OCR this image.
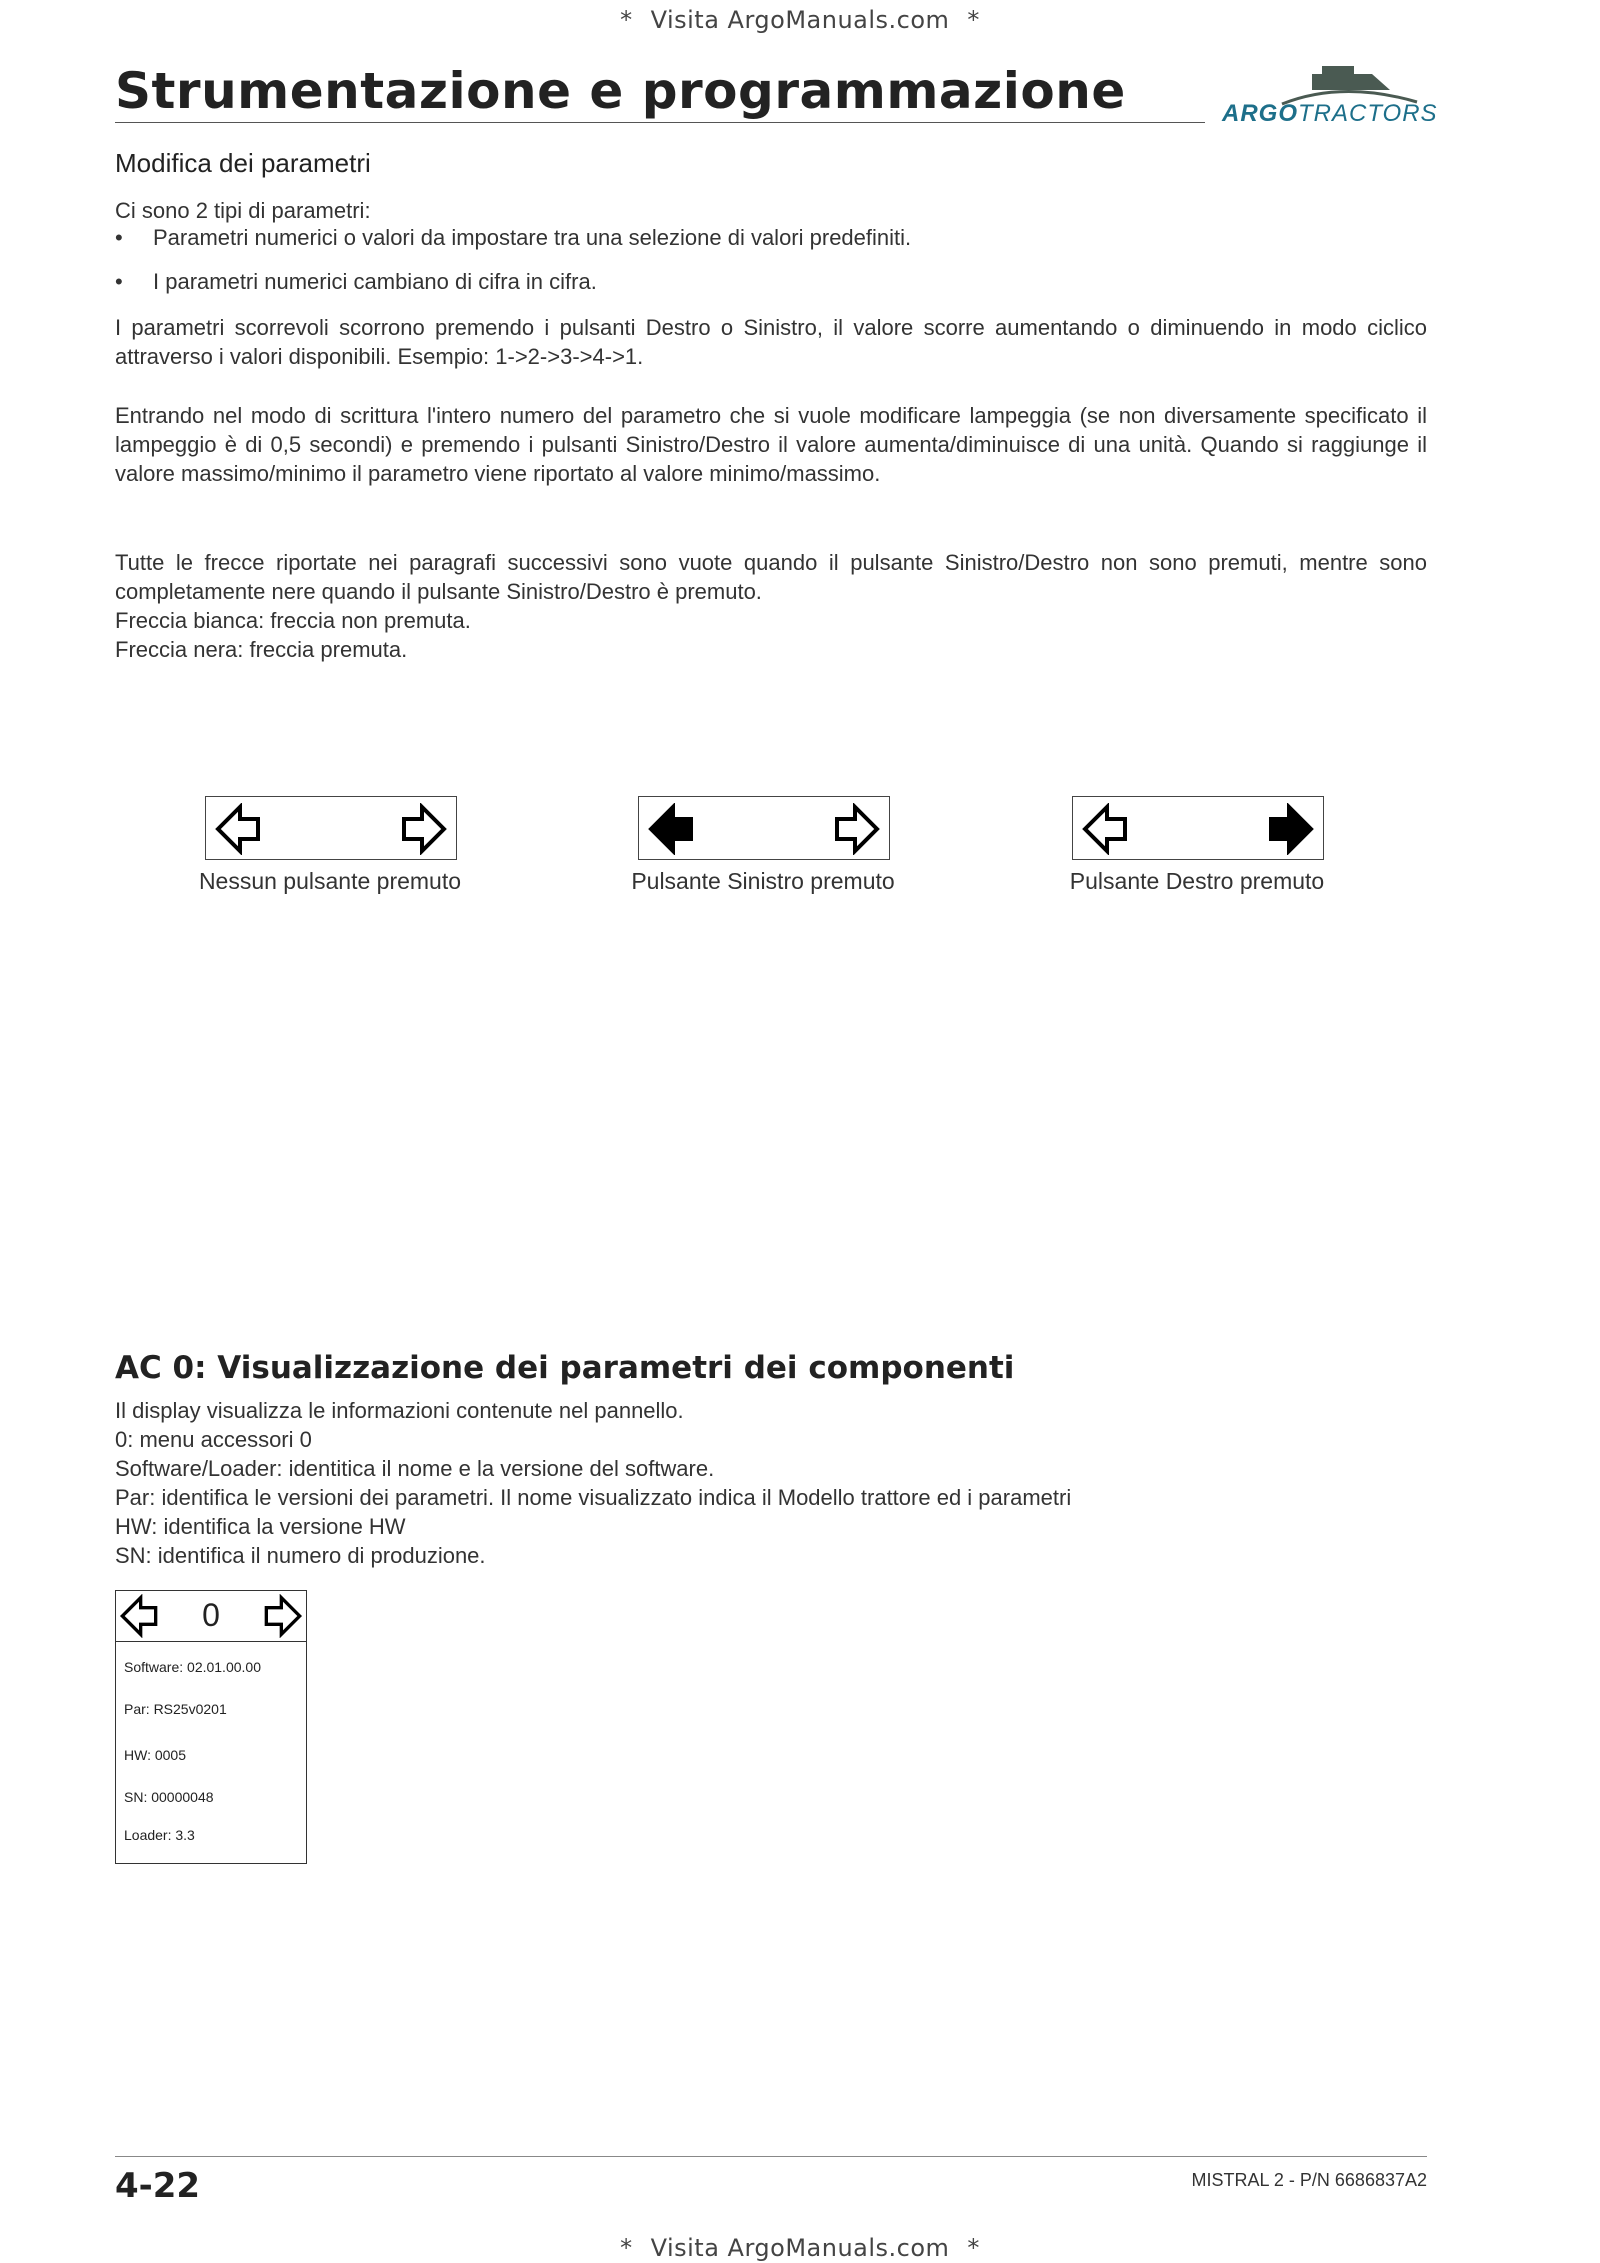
* Visita ArgoManuals.com *
Strumentazione e programmazione	ARGOTRACTORS
Modifica dei parametri
Ci sono 2 tipi di parametri:
• Parametri numerici o valori da impostare tra una selezione di valori predefiniti.
• I parametri numerici cambiano di cifra in cifra.
I parametri scorrevoli scorrono premendo i pulsanti Destro o Sinistro, il valore scorre aumentando o diminuendo in modo ciclico attraverso i valori disponibili. Esempio: 1->2->3->4->1.
Entrando nel modo di scrittura l'intero numero del parametro che si vuole modificare lampeggia (se non diversamente specificato il lampeggio è di 0,5 secondi) e premendo i pulsanti Sinistro/Destro il valore aumenta/diminuisce di una unità. Quando si raggiunge il valore massimo/minimo il parametro viene riportato al valore minimo/massimo.
Tutte le frecce riportate nei paragrafi successivi sono vuote quando il pulsante Sinistro/Destro non sono premuti, mentre sono completamente nere quando il pulsante Sinistro/Destro è premuto.
Freccia bianca: freccia non premuta.
Freccia nera: freccia premuta.
Nessun pulsante premuto	Pulsante Sinistro premuto	Pulsante Destro premuto
AC 0: Visualizzazione dei parametri dei componenti
Il display visualizza le informazioni contenute nel pannello.
0: menu accessori 0
Software/Loader: identitica il nome e la versione del software.
Par: identifica le versioni dei parametri. Il nome visualizzato indica il Modello trattore ed i parametri
HW: identifica la versione HW
SN: identifica il numero di produzione.
0
Software: 02.01.00.00
Par: RS25v0201
HW: 0005
SN: 00000048
Loader: 3.3
4-22	MISTRAL 2 - P/N 6686837A2
* Visita ArgoManuals.com *
